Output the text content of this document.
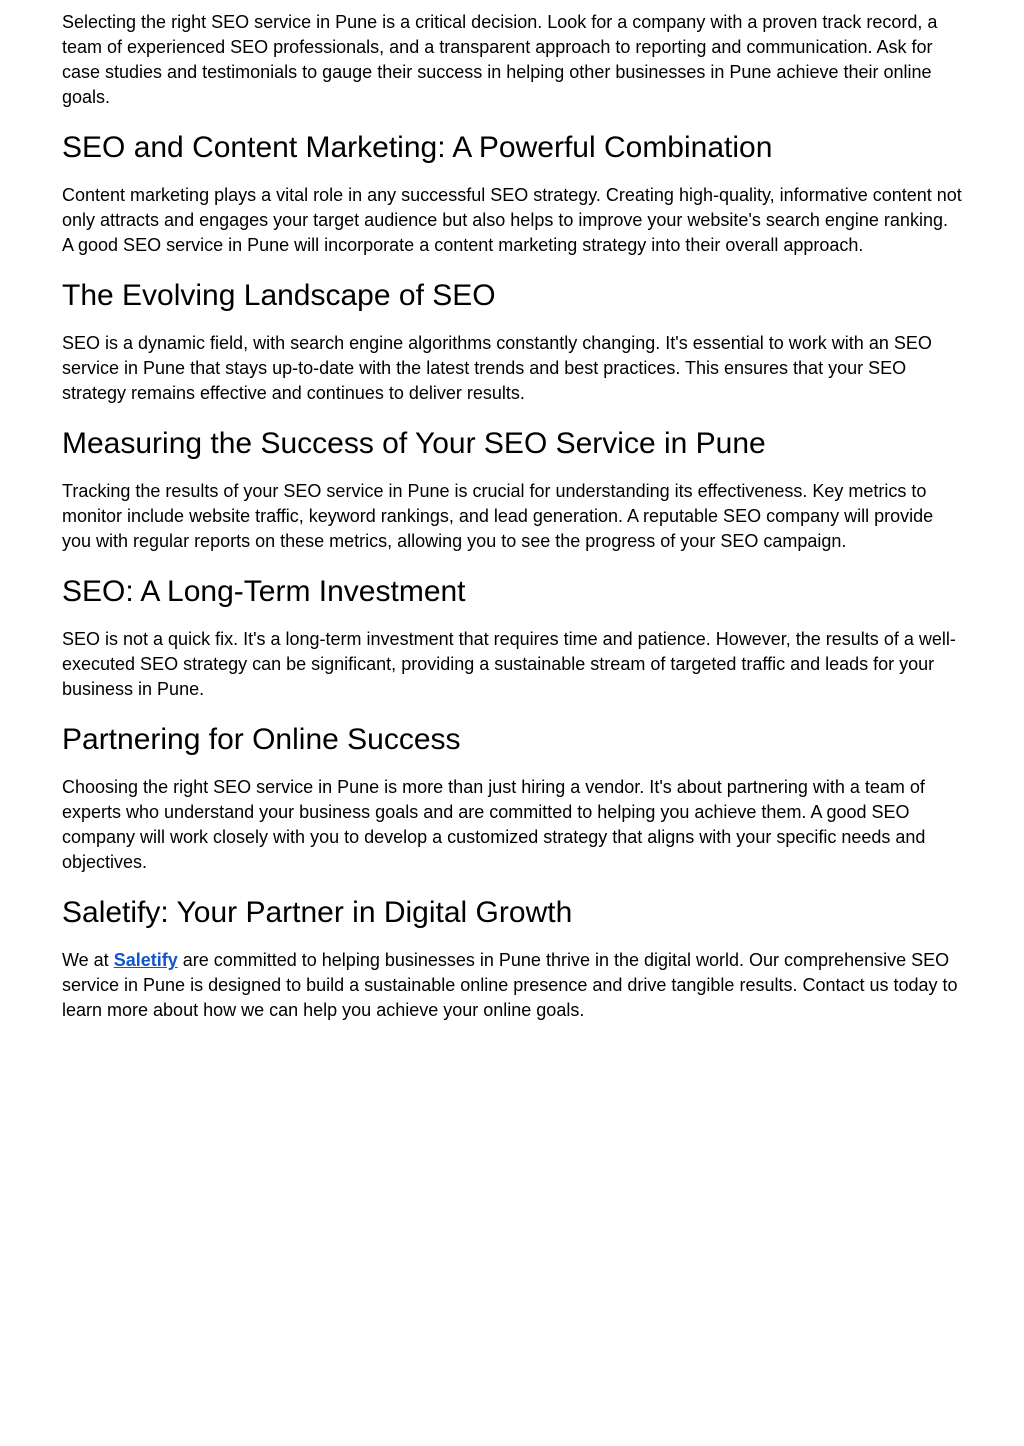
Selecting the right SEO service in Pune is a critical decision. Look for a company with a proven track record, a team of experienced SEO professionals, and a transparent approach to reporting and communication. Ask for case studies and testimonials to gauge their success in helping other businesses in Pune achieve their online goals.

SEO and Content Marketing: A Powerful Combination

Content marketing plays a vital role in any successful SEO strategy. Creating high-quality, informative content not only attracts and engages your target audience but also helps to improve your website's search engine ranking. A good SEO service in Pune will incorporate a content marketing strategy into their overall approach.

The Evolving Landscape of SEO

SEO is a dynamic field, with search engine algorithms constantly changing. It's essential to work with an SEO service in Pune that stays up-to-date with the latest trends and best practices. This ensures that your SEO strategy remains effective and continues to deliver results.

Measuring the Success of Your SEO Service in Pune

Tracking the results of your SEO service in Pune is crucial for understanding its effectiveness. Key metrics to monitor include website traffic, keyword rankings, and lead generation. A reputable SEO company will provide you with regular reports on these metrics, allowing you to see the progress of your SEO campaign.

SEO: A Long-Term Investment

SEO is not a quick fix. It's a long-term investment that requires time and patience. However, the results of a well-executed SEO strategy can be significant, providing a sustainable stream of targeted traffic and leads for your business in Pune.

Partnering for Online Success

Choosing the right SEO service in Pune is more than just hiring a vendor. It's about partnering with a team of experts who understand your business goals and are committed to helping you achieve them. A good SEO company will work closely with you to develop a customized strategy that aligns with your specific needs and objectives.

Saletify: Your Partner in Digital Growth

We at Saletify are committed to helping businesses in Pune thrive in the digital world. Our comprehensive SEO service in Pune is designed to build a sustainable online presence and drive tangible results. Contact us today to learn more about how we can help you achieve your online goals.
